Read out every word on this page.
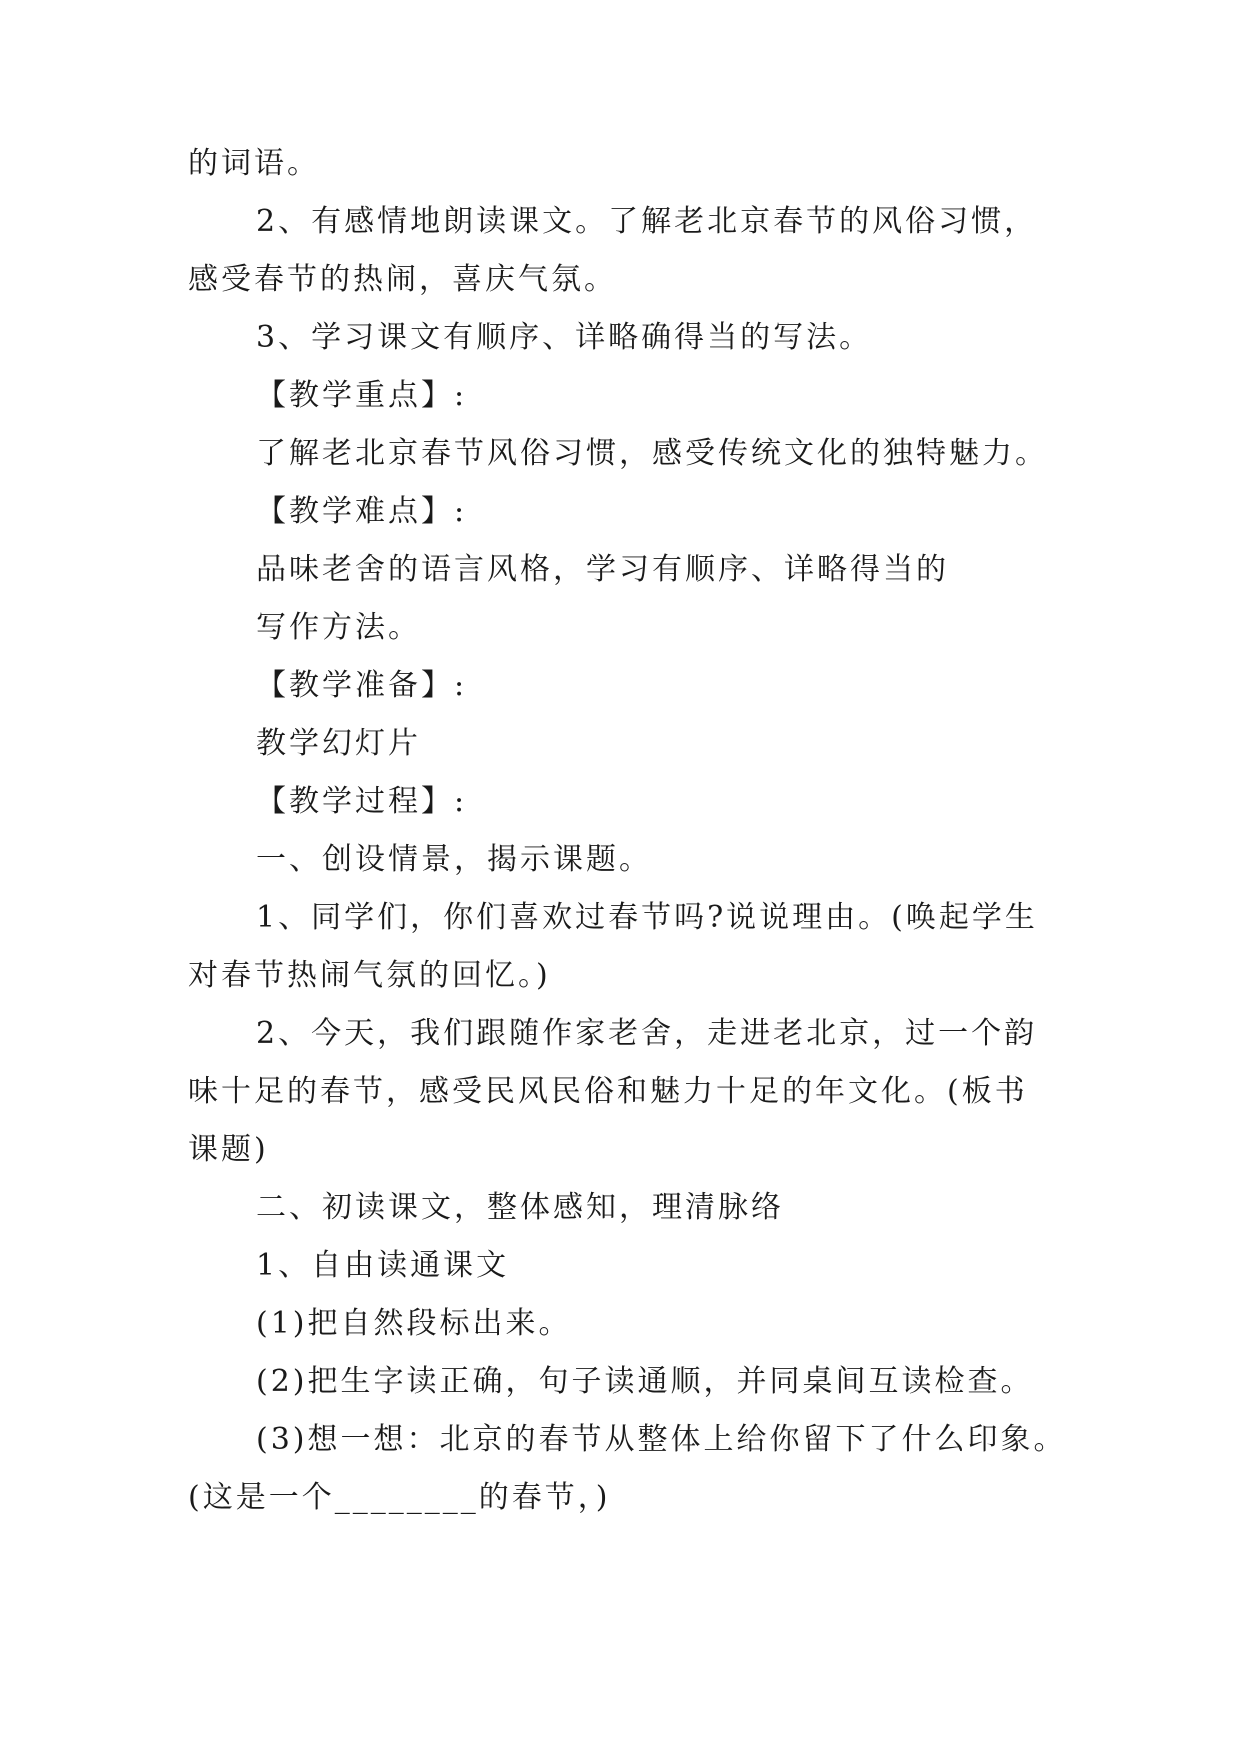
的词语。
2、有感情地朗读课文。了解老北京春节的风俗习惯，
感受春节的热闹，喜庆气氛。
3、学习课文有顺序、详略确得当的写法。
【教学重点】:
了解老北京春节风俗习惯，感受传统文化的独特魅力。
【教学难点】:
品味老舍的语言风格，学习有顺序、详略得当的
写作方法。
【教学准备】:
教学幻灯片
【教学过程】:
一、创设情景，揭示课题。
1、同学们，你们喜欢过春节吗?说说理由。(唤起学生
对春节热闹气氛的回忆。)
2、今天，我们跟随作家老舍，走进老北京，过一个韵
味十足的春节，感受民风民俗和魅力十足的年文化。(板书
课题)
二、初读课文，整体感知，理清脉络
1、自由读通课文
(1)把自然段标出来。
(2)把生字读正确，句子读通顺，并同桌间互读检查。
(3)想一想：北京的春节从整体上给你留下了什么印象。
(这是一个________的春节，)
